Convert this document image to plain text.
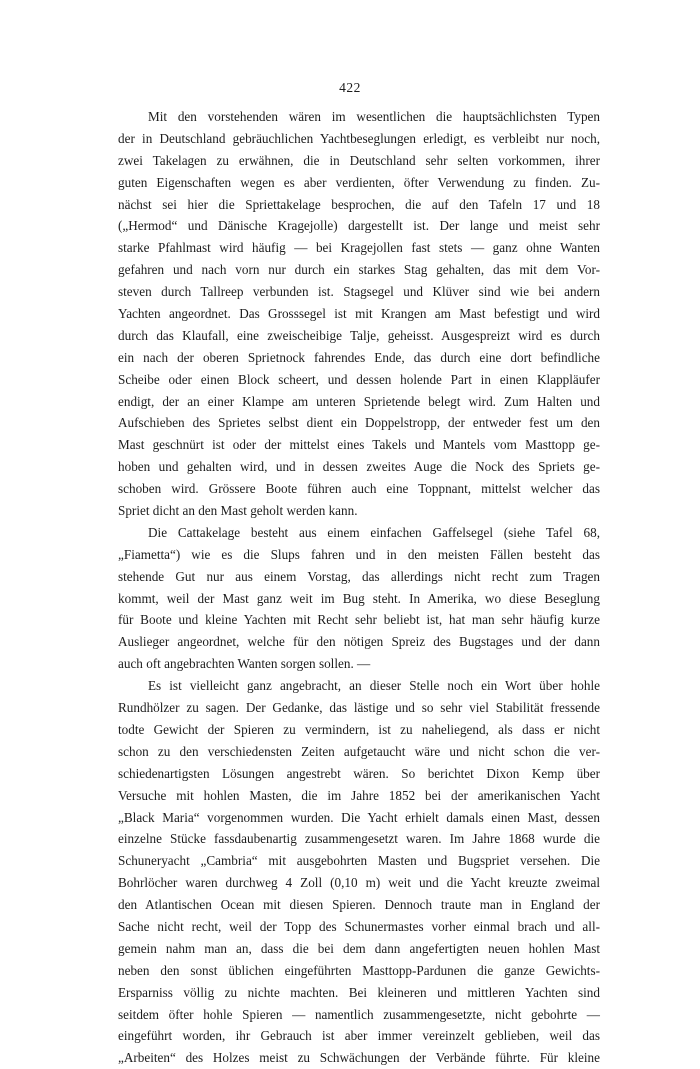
422
Mit den vorstehenden wären im wesentlichen die hauptsächlichsten Typen
der in Deutschland gebräuchlichen Yachtbeseglungen erledigt, es verbleibt nur noch,
zwei Takelagen zu erwähnen, die in Deutschland sehr selten vorkommen, ihrer
guten Eigenschaften wegen es aber verdienten, öfter Verwendung zu finden. Zu-
nächst sei hier die Spriettakelage besprochen, die auf den Tafeln 17 und 18
(„Hermod“ und Dänische Kragejolle) dargestellt ist. Der lange und meist sehr
starke Pfahlmast wird häufig — bei Kragejollen fast stets — ganz ohne Wanten
gefahren und nach vorn nur durch ein starkes Stag gehalten, das mit dem Vor-
steven durch Tallreep verbunden ist. Stagsegel und Klüver sind wie bei andern
Yachten angeordnet. Das Grosssegel ist mit Krangen am Mast befestigt und wird
durch das Klaufall, eine zweischeibige Talje, geheisst. Ausgespreizt wird es durch
ein nach der oberen Sprietnock fahrendes Ende, das durch eine dort befindliche
Scheibe oder einen Block scheert, und dessen holende Part in einen Klappläufer
endigt, der an einer Klampe am unteren Sprietende belegt wird. Zum Halten und
Aufschieben des Sprietes selbst dient ein Doppelstropp, der entweder fest um den
Mast geschnürt ist oder der mittelst eines Takels und Mantels vom Masttopp ge-
hoben und gehalten wird, und in dessen zweites Auge die Nock des Spriets ge-
schoben wird. Grössere Boote führen auch eine Toppnant, mittelst welcher das
Spriet dicht an den Mast geholt werden kann.
Die Cattakelage besteht aus einem einfachen Gaffelsegel (siehe Tafel 68,
„Fiametta“) wie es die Slups fahren und in den meisten Fällen besteht das
stehende Gut nur aus einem Vorstag, das allerdings nicht recht zum Tragen
kommt, weil der Mast ganz weit im Bug steht. In Amerika, wo diese Beseglung
für Boote und kleine Yachten mit Recht sehr beliebt ist, hat man sehr häufig kurze
Auslieger angeordnet, welche für den nötigen Spreiz des Bugstages und der dann
auch oft angebrachten Wanten sorgen sollen. —
Es ist vielleicht ganz angebracht, an dieser Stelle noch ein Wort über hohle
Rundhölzer zu sagen. Der Gedanke, das lästige und so sehr viel Stabilität fressende
todte Gewicht der Spieren zu vermindern, ist zu naheliegend, als dass er nicht
schon zu den verschiedensten Zeiten aufgetaucht wäre und nicht schon die ver-
schiedenartigsten Lösungen angestrebt wären. So berichtet Dixon Kemp über
Versuche mit hohlen Masten, die im Jahre 1852 bei der amerikanischen Yacht
„Black Maria“ vorgenommen wurden. Die Yacht erhielt damals einen Mast, dessen
einzelne Stücke fassdaubenartig zusammengesetzt waren. Im Jahre 1868 wurde die
Schuneryacht „Cambria“ mit ausgebohrten Masten und Bugspriet versehen. Die
Bohrlöcher waren durchweg 4 Zoll (0,10 m) weit und die Yacht kreuzte zweimal
den Atlantischen Ocean mit diesen Spieren. Dennoch traute man in England der
Sache nicht recht, weil der Topp des Schunermastes vorher einmal brach und all-
gemein nahm man an, dass die bei dem dann angefertigten neuen hohlen Mast
neben den sonst üblichen eingeführten Masttopp-Pardunen die ganze Gewichts-
Ersparniss völlig zu nichte machten. Bei kleineren und mittleren Yachten sind
seitdem öfter hohle Spieren — namentlich zusammengesetzte, nicht gebohrte —
eingeführt worden, ihr Gebrauch ist aber immer vereinzelt geblieben, weil das
„Arbeiten“ des Holzes meist zu Schwächungen der Verbände führte. Für kleine
